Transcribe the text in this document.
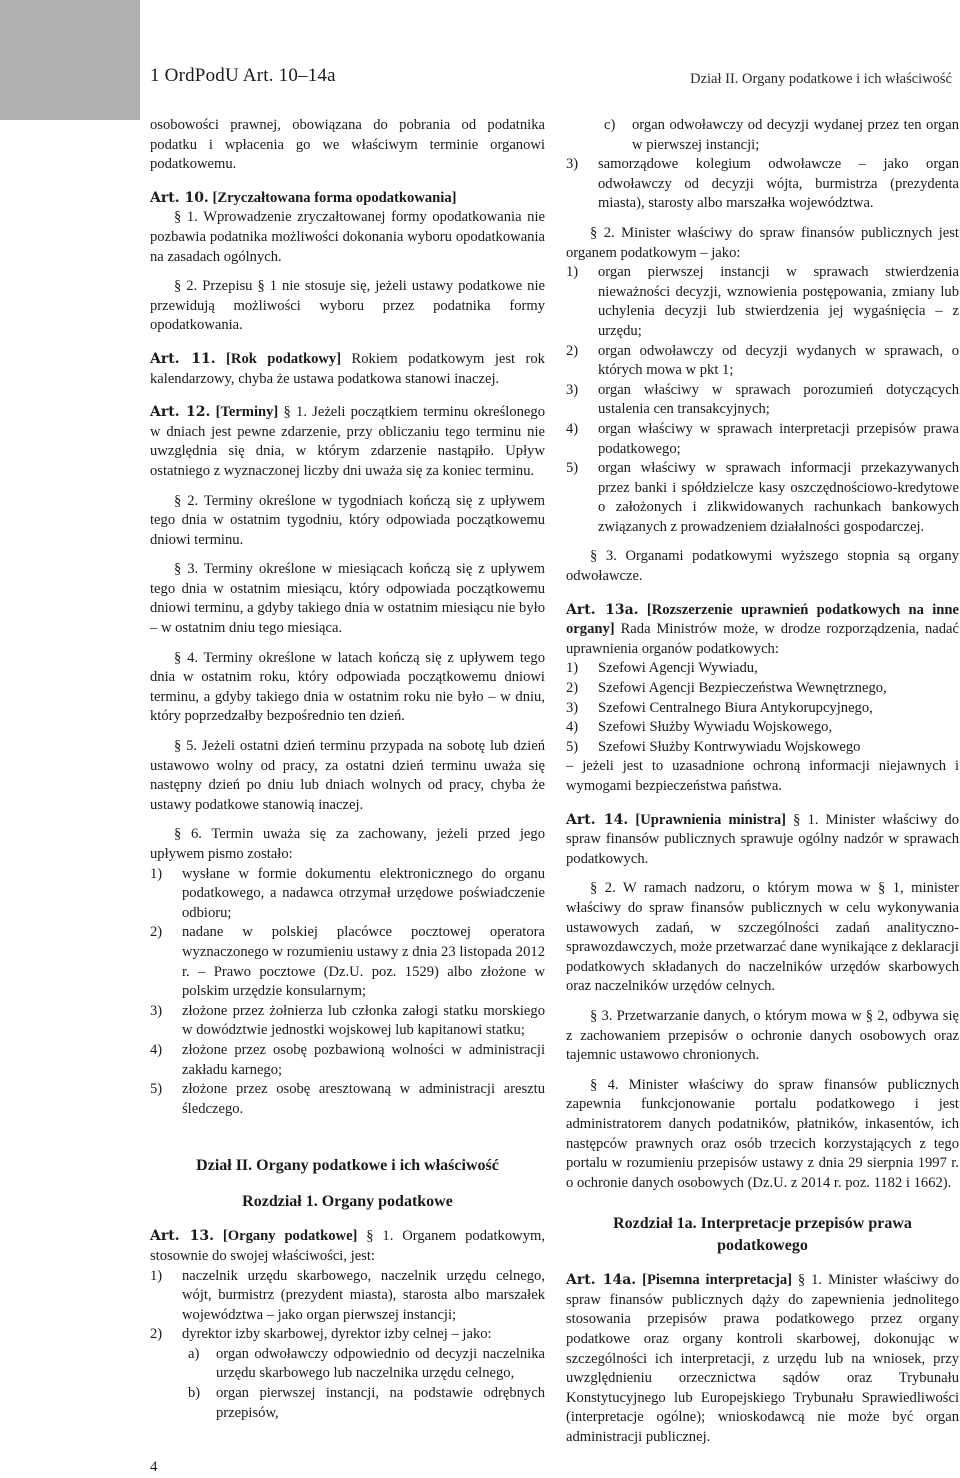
1 OrdPodU Art. 10–14a	Dział II. Organy podatkowe i ich właściwość

osobowości prawnej, obowiązana do pobrania od podatnika podatku i wpłacenia go we właściwym terminie organowi podatkowemu.

Art. 10. [Zryczałtowana forma opodatkowania]

§ 1. Wprowadzenie zryczałtowanej formy opodatkowania nie pozbawia podatnika możliwości dokonania wyboru opodatkowania na zasadach ogólnych.

§ 2. Przepisu § 1 nie stosuje się, jeżeli ustawy podatkowe nie przewidują możliwości wyboru przez podatnika formy opodatkowania.

Art. 11. [Rok podatkowy] Rokiem podatkowym jest rok kalendarzowy, chyba że ustawa podatkowa stanowi inaczej.

Art. 12. [Terminy] § 1. Jeżeli początkiem terminu określonego w dniach jest pewne zdarzenie, przy obliczaniu tego terminu nie uwzględnia się dnia, w którym zdarzenie nastąpiło. Upływ ostatniego z wyznaczonej liczby dni uważa się za koniec terminu.

§ 2. Terminy określone w tygodniach kończą się z upływem tego dnia w ostatnim tygodniu, który odpowiada początkowemu dniowi terminu.

§ 3. Terminy określone w miesiącach kończą się z upływem tego dnia w ostatnim miesiącu, który odpowiada początkowemu dniowi terminu, a gdyby takiego dnia w ostatnim miesiącu nie było – w ostatnim dniu tego miesiąca.

§ 4. Terminy określone w latach kończą się z upływem tego dnia w ostatnim roku, który odpowiada początkowemu dniowi terminu, a gdyby takiego dnia w ostatnim roku nie było – w dniu, który poprzedzałby bezpośrednio ten dzień.

§ 5. Jeżeli ostatni dzień terminu przypada na sobotę lub dzień ustawowo wolny od pracy, za ostatni dzień terminu uważa się następny dzień po dniu lub dniach wolnych od pracy, chyba że ustawy podatkowe stanowią inaczej.

§ 6. Termin uważa się za zachowany, jeżeli przed jego upływem pismo zostało:

1) wysłane w formie dokumentu elektronicznego do organu podatkowego, a nadawca otrzymał urzędowe poświadczenie odbioru;
2) nadane w polskiej placówce pocztowej operatora wyznaczonego w rozumieniu ustawy z dnia 23 listopada 2012 r. – Prawo pocztowe (Dz.U. poz. 1529) albo złożone w polskim urzędzie konsularnym;
3) złożone przez żołnierza lub członka załogi statku morskiego w dowództwie jednostki wojskowej lub kapitanowi statku;
4) złożone przez osobę pozbawioną wolności w administracji zakładu karnego;
5) złożone przez osobę aresztowaną w administracji aresztu śledczego.

Dział II. Organy podatkowe i ich właściwość

Rozdział 1. Organy podatkowe

Art. 13. [Organy podatkowe] § 1. Organem podatkowym, stosownie do swojej właściwości, jest:

1) naczelnik urzędu skarbowego, naczelnik urzędu celnego, wójt, burmistrz (prezydent miasta), starosta albo marszałek województwa – jako organ pierwszej instancji;
2) dyrektor izby skarbowej, dyrektor izby celnej – jako:
a) organ odwoławczy odpowiednio od decyzji naczelnika urzędu skarbowego lub naczelnika urzędu celnego,
b) organ pierwszej instancji, na podstawie odrębnych przepisów,
c) organ odwoławczy od decyzji wydanej przez ten organ w pierwszej instancji;
3) samorządowe kolegium odwoławcze – jako organ odwoławczy od decyzji wójta, burmistrza (prezydenta miasta), starosty albo marszałka województwa.

§ 2. Minister właściwy do spraw finansów publicznych jest organem podatkowym – jako:

1) organ pierwszej instancji w sprawach stwierdzenia nieważności decyzji, wznowienia postępowania, zmiany lub uchylenia decyzji lub stwierdzenia jej wygaśnięcia – z urzędu;
2) organ odwoławczy od decyzji wydanych w sprawach, o których mowa w pkt 1;
3) organ właściwy w sprawach porozumień dotyczących ustalenia cen transakcyjnych;
4) organ właściwy w sprawach interpretacji przepisów prawa podatkowego;
5) organ właściwy w sprawach informacji przekazywanych przez banki i spółdzielcze kasy oszczędnościowo-kredytowe o założonych i zlikwidowanych rachunkach bankowych związanych z prowadzeniem działalności gospodarczej.

§ 3. Organami podatkowymi wyższego stopnia są organy odwoławcze.

Art. 13a. [Rozszerzenie uprawnień podatkowych na inne organy] Rada Ministrów może, w drodze rozporządzenia, nadać uprawnienia organów podatkowych:

1) Szefowi Agencji Wywiadu,
2) Szefowi Agencji Bezpieczeństwa Wewnętrznego,
3) Szefowi Centralnego Biura Antykorupcyjnego,
4) Szefowi Służby Wywiadu Wojskowego,
5) Szefowi Służby Kontrwywiadu Wojskowego

– jeżeli jest to uzasadnione ochroną informacji niejawnych i wymogami bezpieczeństwa państwa.

Art. 14. [Uprawnienia ministra] § 1. Minister właściwy do spraw finansów publicznych sprawuje ogólny nadzór w sprawach podatkowych.

§ 2. W ramach nadzoru, o którym mowa w § 1, minister właściwy do spraw finansów publicznych w celu wykonywania ustawowych zadań, w szczególności zadań analityczno-sprawozdawczych, może przetwarzać dane wynikające z deklaracji podatkowych składanych do naczelników urzędów skarbowych oraz naczelników urzędów celnych.

§ 3. Przetwarzanie danych, o którym mowa w § 2, odbywa się z zachowaniem przepisów o ochronie danych osobowych oraz tajemnic ustawowo chronionych.

§ 4. Minister właściwy do spraw finansów publicznych zapewnia funkcjonowanie portalu podatkowego i jest administratorem danych podatników, płatników, inkasentów, ich następców prawnych oraz osób trzecich korzystających z tego portalu w rozumieniu przepisów ustawy z dnia 29 sierpnia 1997 r. o ochronie danych osobowych (Dz.U. z 2014 r. poz. 1182 i 1662).

Rozdział 1a. Interpretacje przepisów prawa podatkowego

Art. 14a. [Pisemna interpretacja] § 1. Minister właściwy do spraw finansów publicznych dąży do zapewnienia jednolitego stosowania przepisów prawa podatkowego przez organy podatkowe oraz organy kontroli skarbowej, dokonując w szczególności ich interpretacji, z urzędu lub na wniosek, przy uwzględnieniu orzecznictwa sądów oraz Trybunału Konstytucyjnego lub Europejskiego Trybunału Sprawiedliwości (interpretacje ogólne); wnioskodawcą nie może być organ administracji publicznej.

4
